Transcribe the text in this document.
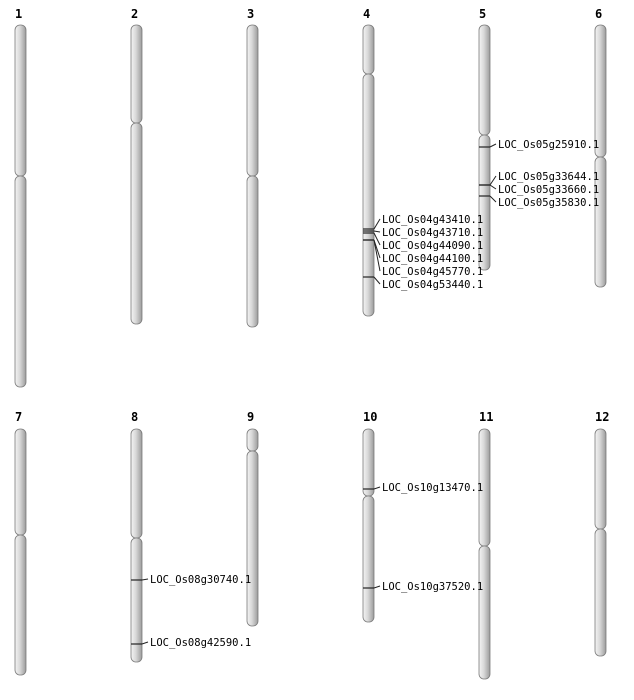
1	2	3	4	5	6
7	8	9	10	11	12
LOC_Os04g43410.1
LOC_Os04g43710.1
LOC_Os04g44090.1
LOC_Os04g44100.1
LOC_Os04g45770.1
LOC_Os04g53440.1
LOC_Os05g25910.1
LOC_Os05g33644.1
LOC_Os05g33660.1
LOC_Os05g35830.1
LOC_Os08g30740.1
LOC_Os08g42590.1
LOC_Os10g13470.1
LOC_Os10g37520.1
